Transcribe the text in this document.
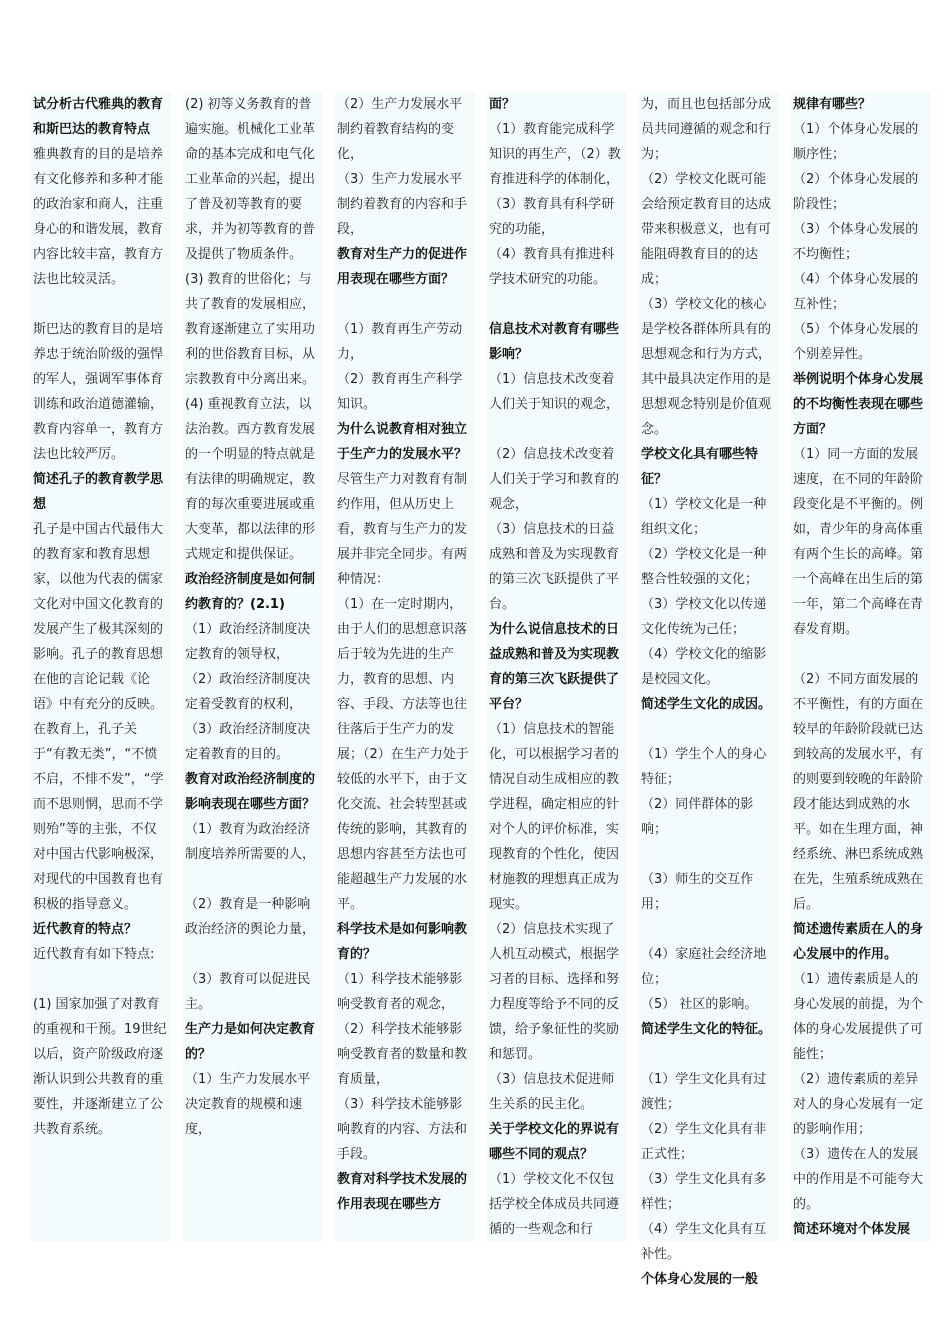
试分析古代雅典的教育和斯巴达的教育特点

雅典教育的目的是培养有文化修养和多种才能的政治家和商人，注重身心的和谐发展，教育内容比较丰富，教育方法也比较灵活。

斯巴达的教育目的是培养忠于统治阶级的强悍的军人，强调军事体育训练和政治道德灌输，教育内容单一，教育方法也比较严厉。

简述孔子的教育教学思想

孔子是中国古代最伟大的教育家和教育思想家，以他为代表的儒家文化对中国文化教育的发展产生了极其深刻的影响。孔子的教育思想在他的言论记载《论语》中有充分的反映。在教育上，孔子关于“有教无类”，“不愤不启，不悱不发”，“学而不思则惘，思而不学则殆”等的主张，不仅对中国古代影响极深，对现代的中国教育也有积极的指导意义。

近代教育的特点？

近代教育有如下特点:

(1) 国家加强了对教育的重视和干预。19世纪以后，资产阶级政府逐渐认识到公共教育的重要性，并逐渐建立了公共教育系统。

(2) 初等义务教育的普遍实施。机械化工业革命的基本完成和电气化工业革命的兴起，提出了普及初等教育的要求，并为初等教育的普及提供了物质条件。

(3) 教育的世俗化；与共了教育的发展相应，教育逐渐建立了实用功利的世俗教育目标，从宗教教育中分离出来。

(4) 重视教育立法，以法治教。西方教育发展的一个明显的特点就是有法律的明确规定，教育的每次重要进展或重大变革，都以法律的形式规定和提供保证。

政治经济制度是如何制约教育的？(2.1)

（1）政治经济制度决定教育的领导权，

（2）政治经济制度决定着受教育的权利，

（3）政治经济制度决定着教育的目的。

教育对政治经济制度的影响表现在哪些方面？

（1）教育为政治经济制度培养所需要的人，

（2）教育是一种影响政治经济的舆论力量，

（3）教育可以促进民主。

生产力是如何决定教育的？

（1）生产力发展水平决定教育的规模和速度，

（2）生产力发展水平制约着教育结构的变化，

（3）生产力发展水平制约着教育的内容和手段，

教育对生产力的促进作用表现在哪些方面？

（1）教育再生产劳动力，

（2）教育再生产科学知识。

为什么说教育相对独立于生产力的发展水平？

尽管生产力对教育有制约作用，但从历史上看，教育与生产力的发展并非完全同步。有两种情况：

（1）在一定时期内，由于人们的思想意识落后于较为先进的生产力，教育的思想、内容、手段、方法等也往往落后于生产力的发展；（2）在生产力处于较低的水平下，由于文化交流、社会转型甚或传统的影响，其教育的思想内容甚至方法也可能超越生产力发展的水平。

科学技术是如何影响教育的？

（1）科学技术能够影响受教育者的观念，

（2）科学技术能够影响受教育者的数量和教育质量，

（3）科学技术能够影响教育的内容、方法和手段。

教育对科学技术发展的作用表现在哪些方

面？

（1）教育能完成科学知识的再生产，（2）教育推进科学的体制化，（3）教育具有科学研究的功能，

（4）教育具有推进科学技术研究的功能。

信息技术对教育有哪些影响？

（1）信息技术改变着人们关于知识的观念，

（2）信息技术改变着人们关于学习和教育的观念，

（3）信息技术的日益成熟和普及为实现教育的第三次飞跃提供了平台。

为什么说信息技术的日益成熟和普及为实现教育的第三次飞跃提供了平台？

（1）信息技术的智能化，可以根据学习者的情况自动生成相应的教学进程，确定相应的针对个人的评价标准，实现教育的个性化，使因材施教的理想真正成为现实。

（2）信息技术实现了人机互动模式，根据学习者的目标、选择和努力程度等给予不同的反馈，给予象征性的奖励和惩罚。

（3）信息技术促进师生关系的民主化。

关于学校文化的界说有哪些不同的观点？

（1）学校文化不仅包括学校全体成员共同遵循的一些观念和行

为，而且也包括部分成员共同遵循的观念和行为；

（2）学校文化既可能会给预定教育目的达成带来积极意义，也有可能阻碍教育目的的达成；

（3）学校文化的核心是学校各群体所具有的思想观念和行为方式，其中最具决定作用的是思想观念特别是价值观念。

学校文化具有哪些特征？

（1）学校文化是一种组织文化；

（2）学校文化是一种整合性较强的文化；

（3）学校文化以传递文化传统为己任；

（4）学校文化的缩影是校园文化。

简述学生文化的成因。

（1）学生个人的身心特征；

（2）同伴群体的影响；

（3）师生的交互作用；

（4）家庭社会经济地位；

（5） 社区的影响。

简述学生文化的特征。

（1）学生文化具有过渡性；

（2）学生文化具有非正式性；

（3）学生文化具有多样性；

（4）学生文化具有互补性。

个体身心发展的一般

规律有哪些？

（1）个体身心发展的顺序性；

（2）个体身心发展的阶段性；

（3）个体身心发展的不均衡性；

（4）个体身心发展的互补性；

（5）个体身心发展的个别差异性。

举例说明个体身心发展的不均衡性表现在哪些方面？

（1）同一方面的发展速度，在不同的年龄阶段变化是不平衡的。例如，青少年的身高体重有两个生长的高峰。第一个高峰在出生后的第一年，第二个高峰在青春发育期。

（2）不同方面发展的不平衡性，有的方面在较早的年龄阶段就已达到较高的发展水平，有的则要到较晚的年龄阶段才能达到成熟的水平。如在生理方面，神经系统、淋巴系统成熟在先，生殖系统成熟在后。

简述遗传素质在人的身心发展中的作用。

（1）遗传素质是人的身心发展的前提，为个体的身心发展提供了可能性；

（2）遗传素质的差异对人的身心发展有一定的影响作用；

（3）遗传在人的发展中的作用是不可能夸大的。

简述环境对个体发展
